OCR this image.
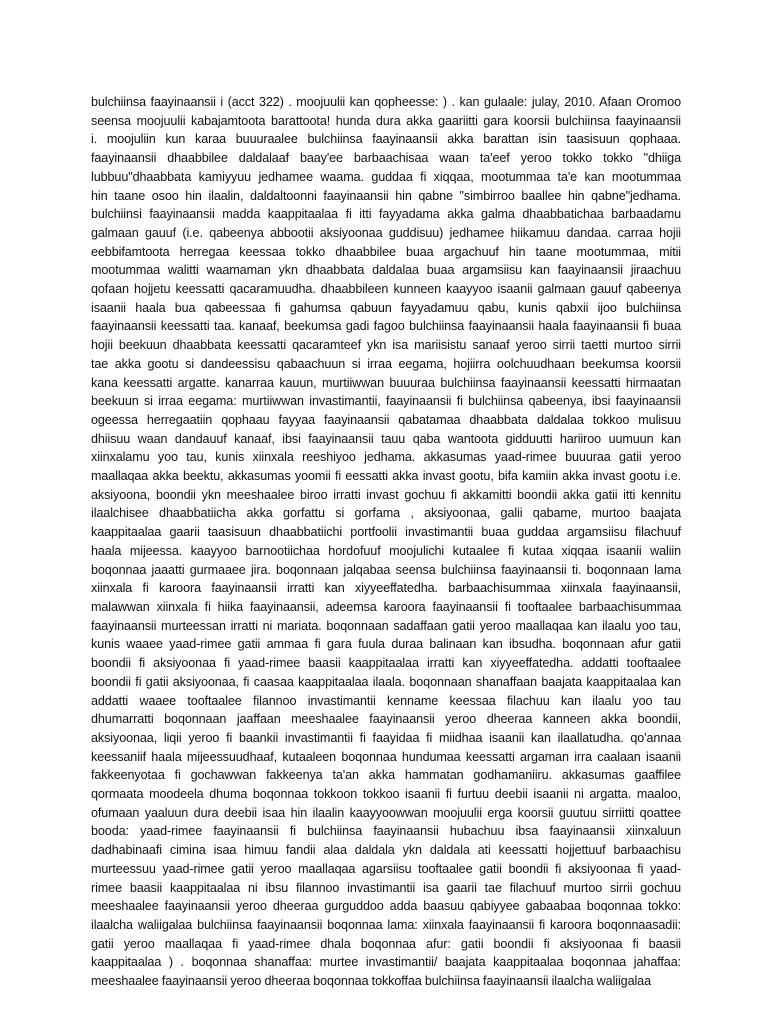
bulchiinsa faayinaansii i (acct 322) . moojuulii kan qopheesse: ) . kan gulaale: julay, 2010. Afaan Oromoo
seensa moojuulii kabajamtoota barattoota! hunda dura akka gaariitti gara koorsii bulchiinsa faayinaansii
i. moojuliin kun karaa buuuraalee bulchiinsa faayinaansii akka barattan isin taasisuun qophaaa.
faayinaansii dhaabbilee daldalaaf baay'ee barbaachisaa waan ta'eef yeroo tokko tokko "dhiiga
lubbuu"dhaabbata kamiyyuu jedhamee waama. guddaa fi xiqqaa, mootummaa ta'e kan mootummaa
hin taane osoo hin ilaalin, daldaltoonni faayinaansii hin qabne "simbirroo baallee hin qabne"jedhama.
bulchiinsi faayinaansii madda kaappitaalaa fi itti fayyadama akka galma dhaabbatichaa barbaadamu
galmaan gauuf (i.e. qabeenya abbootii aksiyoonaa guddisuu) jedhamee hiikamuu dandaa. carraa hojii
eebbifamtoota herregaa keessaa tokko dhaabbilee buaa argachuuf hin taane mootummaa, mitii
mootummaa walitti waamaman ykn dhaabbata daldalaa buaa argamsiisu kan faayinaansii jiraachuu
qofaan hojjetu keessatti qacaramuudha. dhaabbileen kunneen kaayyoo isaanii galmaan gauuf qabeenya
isaanii haala bua qabeessaa fi gahumsa qabuun fayyadamuu qabu, kunis qabxii ijoo bulchiinsa
faayinaansii keessatti taa. kanaaf, beekumsa gadi fagoo bulchiinsa faayinaansii haala faayinaansii fi buaa
hojii beekuun dhaabbata keessatti qacaramteef ykn isa mariisistu sanaaf yeroo sirrii taetti murtoo sirrii
tae akka gootu si dandeessisu qabaachuun si irraa eegama, hojiirra oolchuudhaan beekumsa koorsii
kana keessatti argatte. kanarraa kauun, murtiiwwan buuuraa bulchiinsa faayinaansii keessatti hirmaatan
beekuun si irraa eegama: murtiiwwan invastimantii, faayinaansii fi bulchiinsa qabeenya, ibsi faayinaansii
ogeessa herregaatiin qophaau fayyaa faayinaansii qabatamaa dhaabbata daldalaa tokkoo mulisuu
dhiisuu waan dandauuf kanaaf, ibsi faayinaansii tauu qaba wantoota gidduutti hariiroo uumuun kan
xiinxalamu yoo tau, kunis xiinxala reeshiyoo jedhama. akkasumas yaad-rimee buuuraa gatii yeroo
maallaqaa akka beektu, akkasumas yoomii fi eessatti akka invast gootu, bifa kamiin akka invast gootu i.e.
aksiyoona, boondii ykn meeshaalee biroo irratti invast gochuu fi akkamitti boondii akka gatii itti kennitu
ilaalchisee dhaabbatiicha akka gorfattu si gorfama , aksiyoonaa, galii qabame, murtoo baajata
kaappitaalaa gaarii taasisuun dhaabbatiichi portfoolii invastimantii buaa guddaa argamsiisu filachuuf
haala mijeessa. kaayyoo barnootiichaa hordofuuf moojulichi kutaalee fi kutaa xiqqaa isaanii waliin
boqonnaa jaaatti gurmaaee jira. boqonnaan jalqabaa seensa bulchiinsa faayinaansii ti. boqonnaan lama
xiinxala fi karoora faayinaansii irratti kan xiyyeeffatedha. barbaachisummaa xiinxala faayinaansii,
malawwan xiinxala fi hiika faayinaansii, adeemsa karoora faayinaansii fi tooftaalee barbaachisummaa
faayinaansii murteessan irratti ni mariata. boqonnaan sadaffaan gatii yeroo maallaqaa kan ilaalu yoo tau,
kunis waaee yaad-rimee gatii ammaa fi gara fuula duraa balinaan kan ibsudha. boqonnaan afur gatii
boondii fi aksiyoonaa fi yaad-rimee baasii kaappitaalaa irratti kan xiyyeeffatedha. addatti tooftaalee
boondii fi gatii aksiyoonaa, fi caasaa kaappitaalaa ilaala. boqonnaan shanaffaan baajata kaappitaalaa kan
addatti waaee tooftaalee filannoo invastimantii kenname keessaa filachuu kan ilaalu yoo tau
dhumarratti boqonnaan jaaffaan meeshaalee faayinaansii yeroo dheeraa kanneen akka boondii,
aksiyoonaa, liqii yeroo fi baankii invastimantii fi faayidaa fi miidhaa isaanii kan ilaallatudha. qo'annaa
keessaniif haala mijeessuudhaaf, kutaaleen boqonnaa hundumaa keessatti argaman irra caalaan isaanii
fakkeenyotaa fi gochawwan fakkeenya ta'an akka hammatan godhamaniiru. akkasumas gaaffilee
qormaata moodeela dhuma boqonnaa tokkoon tokkoo isaanii fi furtuu deebii isaanii ni argatta. maaloo,
ofumaan yaaluun dura deebii isaa hin ilaalin kaayyoowwan moojuulii erga koorsii guutuu sirriitti qoattee
booda: yaad-rimee faayinaansii fi bulchiinsa faayinaansii hubachuu ibsa faayinaansii xiinxaluun
dadhabinaafi cimina isaa himuu fandii alaa daldala ykn daldala ati keessatti hojjettuuf barbaachisu
murteessuu yaad-rimee gatii yeroo maallaqaa agarsiisu tooftaalee gatii boondii fi aksiyoonaa fi yaad-
rimee baasii kaappitaalaa ni ibsu filannoo invastimantii isa gaarii tae filachuuf murtoo sirrii gochuu
meeshaalee faayinaansii yeroo dheeraa gurguddoo adda baasuu qabiyyee gabaabaa boqonnaa tokko:
ilaalcha waliigalaa bulchiinsa faayinaansii boqonnaa lama: xiinxala faayinaansii fi karoora boqonnaasadii:
gatii yeroo maallaqaa fi yaad-rimee dhala boqonnaa afur: gatii boondii fi aksiyoonaa fi baasii
kaappitaalaa ) . boqonnaa shanaffaa: murtee invastimantii/ baajata kaappitaalaa boqonnaa jahaffaa:
meeshaalee faayinaansii yeroo dheeraa boqonnaa tokkoffaa bulchiinsa faayinaansii ilaalcha waliigalaa
